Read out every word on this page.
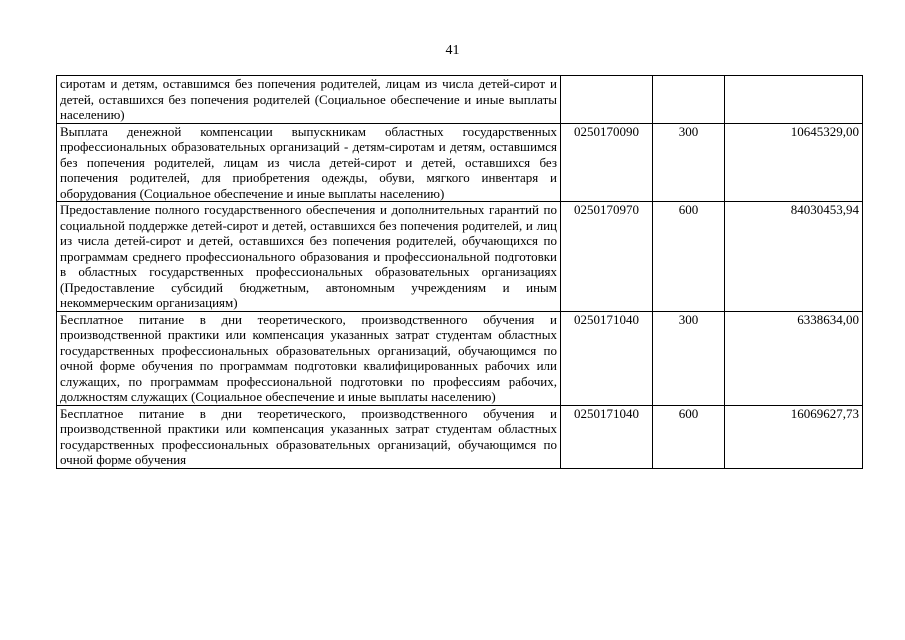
41
сиротам и детям, оставшимся без попечения родителей, лицам из числа детей-сирот и детей, оставшихся без попечения родителей (Социальное обеспечение и иные выплаты населению)			
Выплата денежной компенсации выпускникам областных государственных профессиональных образовательных организаций - детям-сиротам и детям, оставшимся без попечения родителей, лицам из числа детей-сирот и детей, оставшихся без попечения родителей, для приобретения одежды, обуви, мягкого инвентаря и оборудования (Социальное обеспечение и иные выплаты населению)	0250170090	300	10645329,00
Предоставление полного государственного обеспечения и дополнительных гарантий по социальной поддержке детей-сирот и детей, оставшихся без попечения родителей, и лиц из числа детей-сирот и детей, оставшихся без попечения родителей, обучающихся по программам среднего профессионального образования и профессиональной подготовки в областных государственных профессиональных образовательных организациях (Предоставление субсидий бюджетным, автономным учреждениям и иным некоммерческим организациям)	0250170970	600	84030453,94
Бесплатное питание в дни теоретического, производственного обучения и производственной практики или компенсация указанных затрат студентам областных государственных профессиональных образовательных организаций, обучающимся по очной форме обучения по программам подготовки квалифицированных рабочих или служащих, по программам профессиональной подготовки по профессиям рабочих, должностям служащих (Социальное обеспечение и иные выплаты населению)	0250171040	300	6338634,00
Бесплатное питание в дни теоретического, производственного обучения и производственной практики или компенсация указанных затрат студентам областных государственных профессиональных образовательных организаций, обучающимся по очной форме обучения	0250171040	600	16069627,73
